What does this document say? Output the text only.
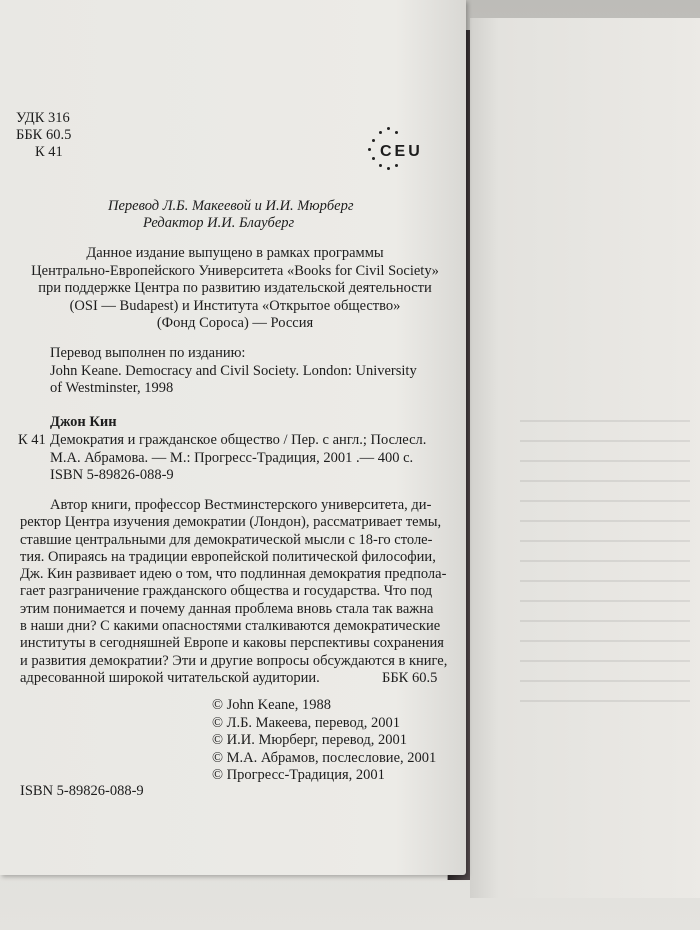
УДК 316
ББК 60.5
К 41	CEU
Перевод Л.Б. Макеевой и И.И. Мюрберг
Редактор И.И. Блауберг
Данное издание выпущено в рамках программы
Центрально-Европейского Университета «Books for Civil Society»
при поддержке Центра по развитию издательской деятельности
(OSI — Budapest) и Института «Открытое общество»
(Фонд Сороса) — Россия
Перевод выполнен по изданию:
John Keane. Democracy and Civil Society. London: University
of Westminster, 1998
Джон Кин
К 41 Демократия и гражданское общество / Пер. с англ.; Послесл.
М.А. Абрамова. — М.: Прогресс-Традиция, 2001 .— 400 с.
ISBN 5-89826-088-9
Автор книги, профессор Вестминстерского университета, ди-
ректор Центра изучения демократии (Лондон), рассматривает темы,
ставшие центральными для демократической мысли с 18-го столе-
тия. Опираясь на традиции европейской политической философии,
Дж. Кин развивает идею о том, что подлинная демократия предпола-
гает разграничение гражданского общества и государства. Что под
этим понимается и почему данная проблема вновь стала так важна
в наши дни? С какими опасностями сталкиваются демократические
институты в сегодняшней Европе и каковы перспективы сохранения
и развития демократии? Эти и другие вопросы обсуждаются в книге,
адресованной широкой читательской аудитории.	ББК 60.5
© John Keane, 1988
© Л.Б. Макеева, перевод, 2001
© И.И. Мюрберг, перевод, 2001
© М.А. Абрамов, послесловие, 2001
© Прогресс-Традиция, 2001
ISBN 5-89826-088-9
